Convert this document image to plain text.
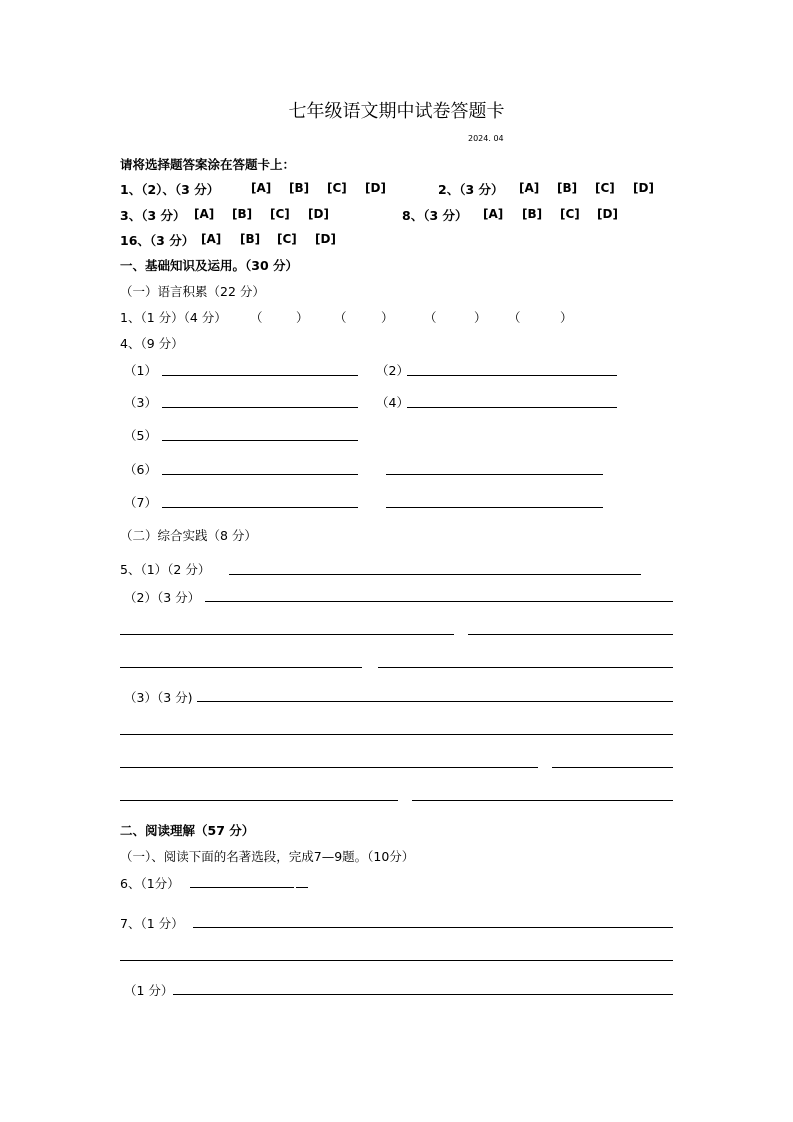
七年级语文期中试卷答题卡
2024. 04
请将选择题答案涂在答题卡上：
1、（2）、（3 分）	[A] [B] [C] [D]	2、（3 分） [A] [B] [C] [D]
3、（3 分） [A] [B] [C] [D]	8、（3 分） [A] [B] [C] [D]
16、（3 分） [A] [B] [C] [D]
一、基础知识及运用。（30 分）
（一）语言积累（22 分）
1、（1 分）（4 分） （	） （	） （	） （	）
4、（9 分）
（1）	（2）
（3）	（4）
（5）
（6）
（7）
（二）综合实践（8 分）
5、（1）（2 分）
（2）（3 分）
（3）（3 分)
二、阅读理解（57 分）
（一）、阅读下面的名著选段，完成7—9题。（10分）
6、（1分）
7、（1 分）
（1 分）
